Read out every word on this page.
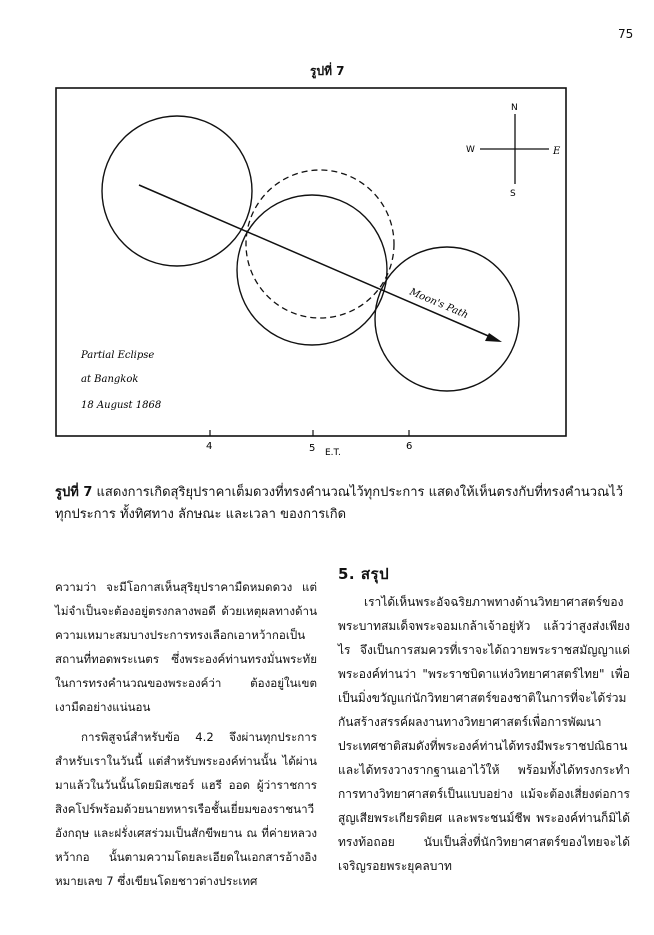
75
รูปที่ 7
N
S
W	E
Moon's Path
Partial Eclipse
at Bangkok
18 August 1868
4	5	6
E.T.
รูปที่ 7 แสดงการเกิดสุริยุปราคาเต็มดวงที่ทรงคำนวณไว้ทุกประการ แสดงให้เห็นตรงกับที่ทรงคำนวณไว้ทุกประการ ทั้งทิศทาง ลักษณะ และเวลา ของการเกิด

ความว่า จะมีโอกาสเห็นสุริยุปราคามืดหมดดวง แต่ไม่จำเป็นจะต้องอยู่ตรงกลางพอดี ด้วยเหตุผลทางด้านความเหมาะสมบางประการทรงเลือกเอาหว้ากอเป็นสถานที่ทอดพระเนตร ซึ่งพระองค์ท่านทรงมั่นพระทัยในการทรงคำนวณของพระองค์ว่า ต้องอยู่ในเขตเงามืดอย่างแน่นอน

การพิสูจน์สำหรับข้อ 4.2 จึงผ่านทุกประการ สำหรับเราในวันนี้ แต่สำหรับพระองค์ท่านนั้น ได้ผ่านมาแล้วในวันนั้นโดยมิสเซอร์ แฮรี ออด ผู้ว่าราชการสิงคโปร์พร้อมด้วยนายทหารเรือชั้นเยี่ยมของราชนาวีอังกฤษ และฝรั่งเศสร่วมเป็นสักขีพยาน ณ ที่ค่ายหลวง หว้ากอ นั้นตามความโดยละเอียดในเอกสารอ้างอิงหมายเลข 7 ซึ่งเขียนโดยชาวต่างประเทศ

5. สรุป

เราได้เห็นพระอัจฉริยภาพทางด้านวิทยาศาสตร์ของพระบาทสมเด็จพระจอมเกล้าเจ้าอยู่หัว แล้วว่าสูงส่งเพียงไร จึงเป็นการสมควรที่เราจะได้ถวายพระราชสมัญญาแด่พระองค์ท่านว่า "พระราชบิดาแห่งวิทยาศาสตร์ไทย" เพื่อเป็นมิ่งขวัญแก่นักวิทยาศาสตร์ของชาติในการที่จะได้ร่วมกันสร้างสรรค์ผลงานทางวิทยาศาสตร์เพื่อการพัฒนาประเทศชาติสมดังที่พระองค์ท่านได้ทรงมีพระราชปณิธานและได้ทรงวางรากฐานเอาไว้ให้ พร้อมทั้งได้ทรงกระทำการทางวิทยาศาสตร์เป็นแบบอย่าง แม้จะต้องเสี่ยงต่อการสูญเสียพระเกียรติยศ และพระชนม์ชีพ พระองค์ท่านก็มิได้ทรงท้อถอย นับเป็นสิ่งที่นักวิทยาศาสตร์ของไทยจะได้เจริญรอยพระยุคลบาท
